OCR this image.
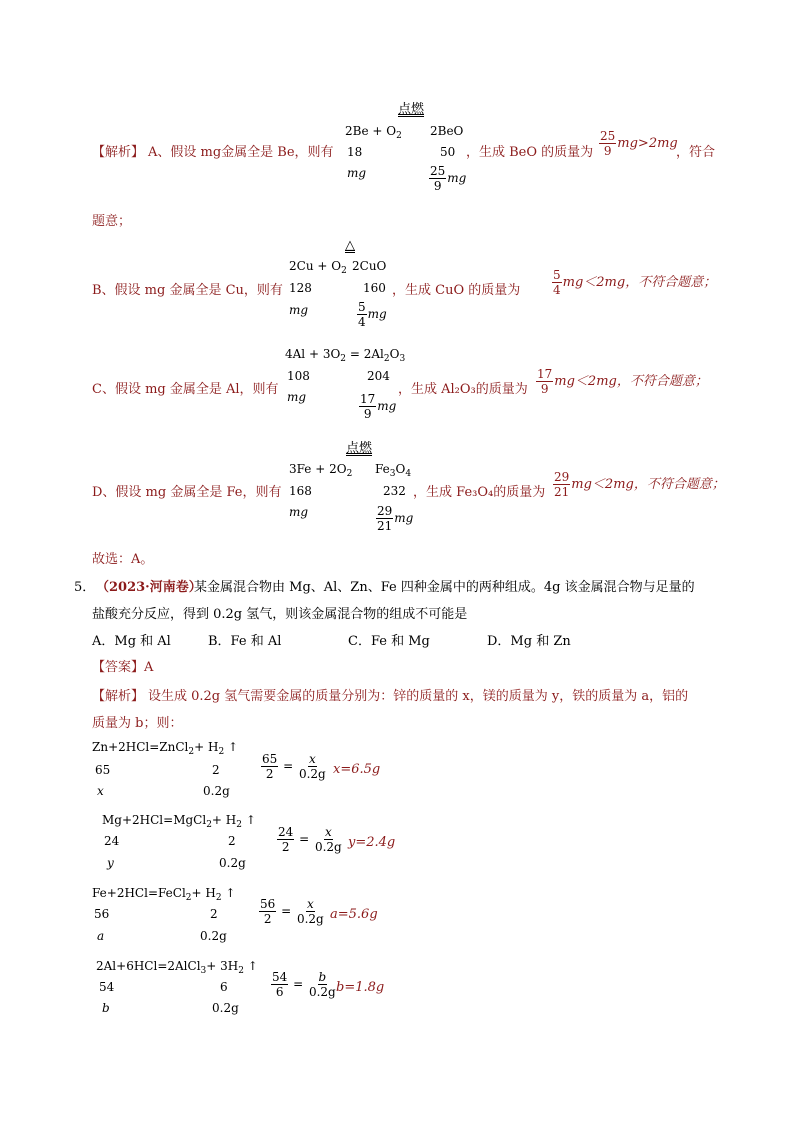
点燃
$2Be + O_2$ 2BeO
【解析】 A、假设 mg金属全是 Be，则有 18	50 ，生成 BeO 的质量为 $\frac{25}{9} mg>2mg$
，符合
mg	$\frac{25}{9}$ mg
题意；
△
$2Cu + O_2$ 2CuO
B、假设 mg 金属全是 Cu，则有 128	160 ，生成 CuO 的质量为	$\frac{5}{4} mg<2mg$，不符合题意；
mg	$\frac{5}{4}$ mg
$4Al + 3O_2 = 2Al_2O_3$
108	204
C、假设 mg 金属全是 Al，则有	，生成 Al₂O₃的质量为 $\frac{17}{9} mg<2mg$，不符合题意；
mg	$\frac{17}{9}$ mg
点燃
$3Fe + 2O_2$ $Fe_3O_4$
D、假设 mg 金属全是 Fe，则有 168	232 ，生成 Fe₃O₄的质量为 $\frac{29}{21} mg<2mg$，不符合题意；
mg	$\frac{29}{21}$ mg
故选：A。
5． （2023·河南卷）
某金属混合物由 Mg、Al、Zn、Fe 四种金属中的两种组成。4g 该金属混合物与足量的
盐酸充分反应，得到 0.2g 氢气，则该金属混合物的组成不可能是
A．Mg 和 Al	B．Fe 和 Al	C．Fe 和 Mg	D．Mg 和 Zn
【答案】A
【解析】 设生成 0.2g 氢气需要金属的质量分别为：锌的质量的 x，镁的质量为 y，铁的质量为 a，铝的
质量为 b；则：
Zn+2HCl=ZnCl$_2$+ $H_2$ ↑
65	2
x	0.2g
$\frac{65}{2} = \frac{x}{0.2g} x=6.5g$
Mg+2HCl=MgCl$_2$+ $H_2$ ↑
24	2
y	0.2g
$\frac{24}{2} = \frac{x}{0.2g} y=2.4g$
Fe+2HCl=FeCl$_2$+ $H_2$ ↑
56	2
a	0.2g
$\frac{56}{2} = \frac{x}{0.2g} a=5.6g$
2Al+6HCl=2AlCl$_3$+ $3H_2$ ↑
54	6
b	0.2g
$\frac{54}{6} = \frac{b}{0.2g} b=1.8g$
